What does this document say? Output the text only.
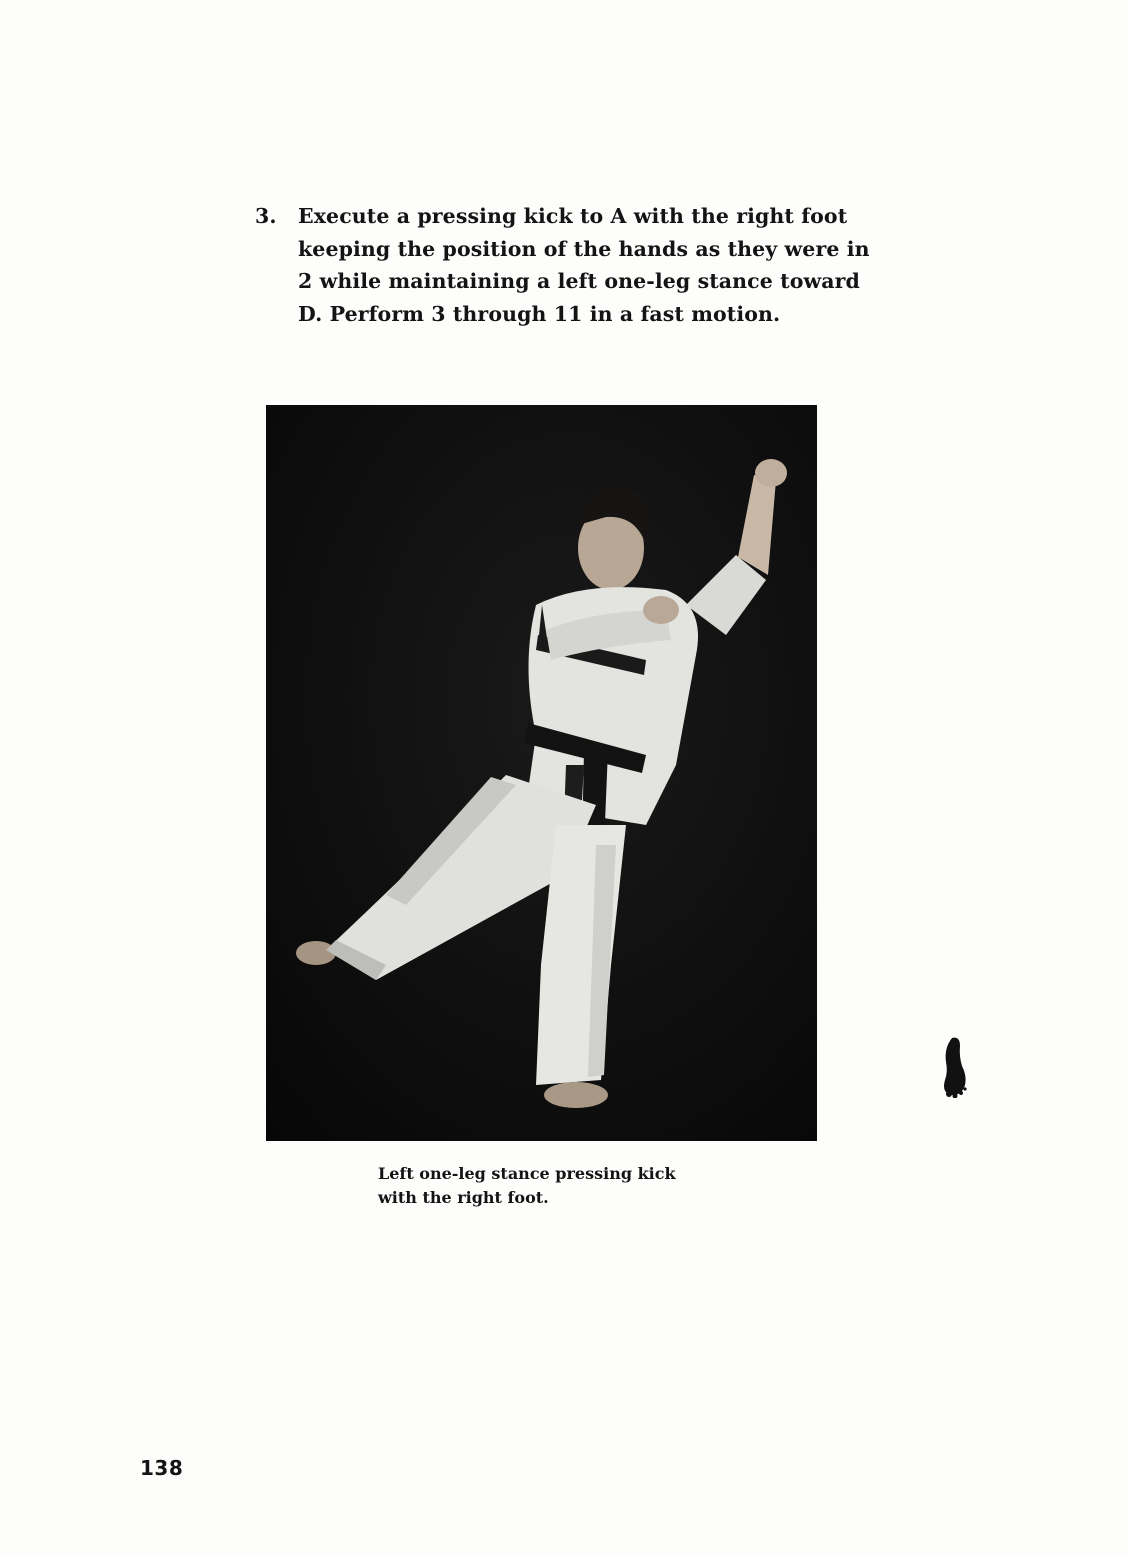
3.	Execute a pressing kick to A with the right foot keeping the position of the hands as they were in 2 while maintaining a left one-leg stance toward D. Perform 3 through 11 in a fast motion.
Left one-leg stance pressing kick
with the right foot.
138
